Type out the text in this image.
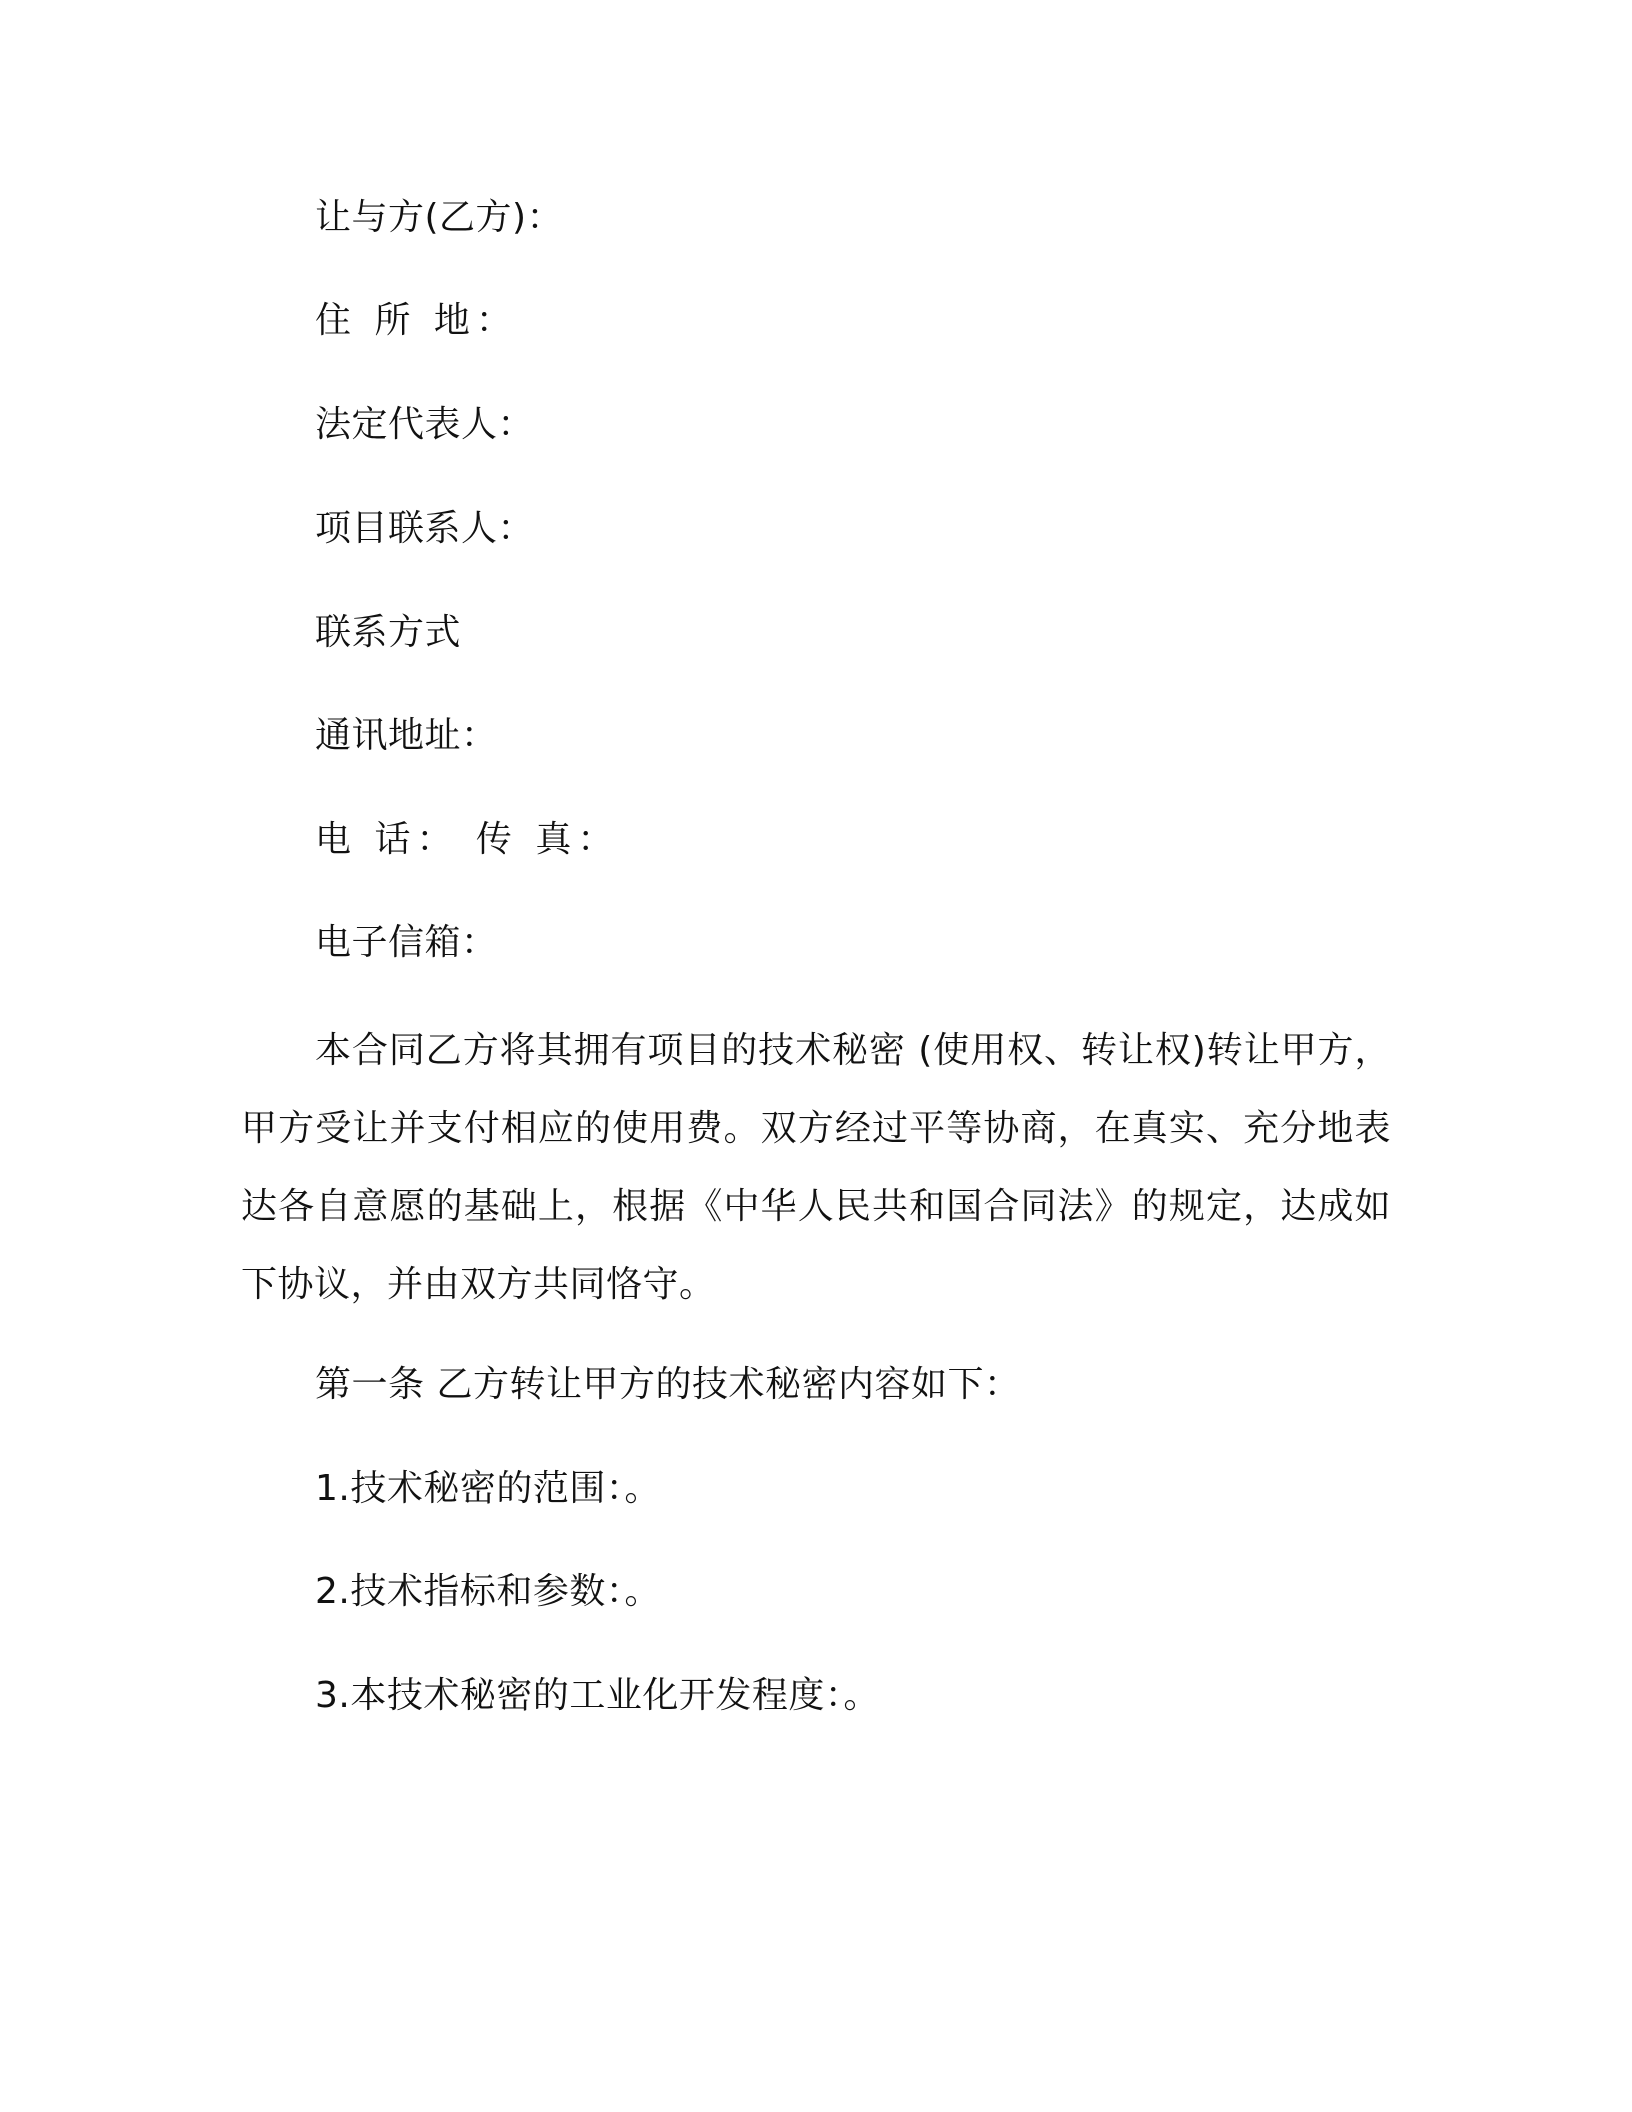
让与方(乙方)：
住 所 地：
法定代表人：
项目联系人：
联系方式
通讯地址：
电 话： 传 真：
电子信箱：
本合同乙方将其拥有项目的技术秘密 (使用权、转让权)转让甲方，甲方受让并支付相应的使用费。双方经过平等协商，在真实、充分地表达各自意愿的基础上，根据《中华人民共和国合同法》的规定，达成如下协议，并由双方共同恪守。
第一条 乙方转让甲方的技术秘密内容如下：
1.技术秘密的范围：。
2.技术指标和参数：。
3.本技术秘密的工业化开发程度：。
